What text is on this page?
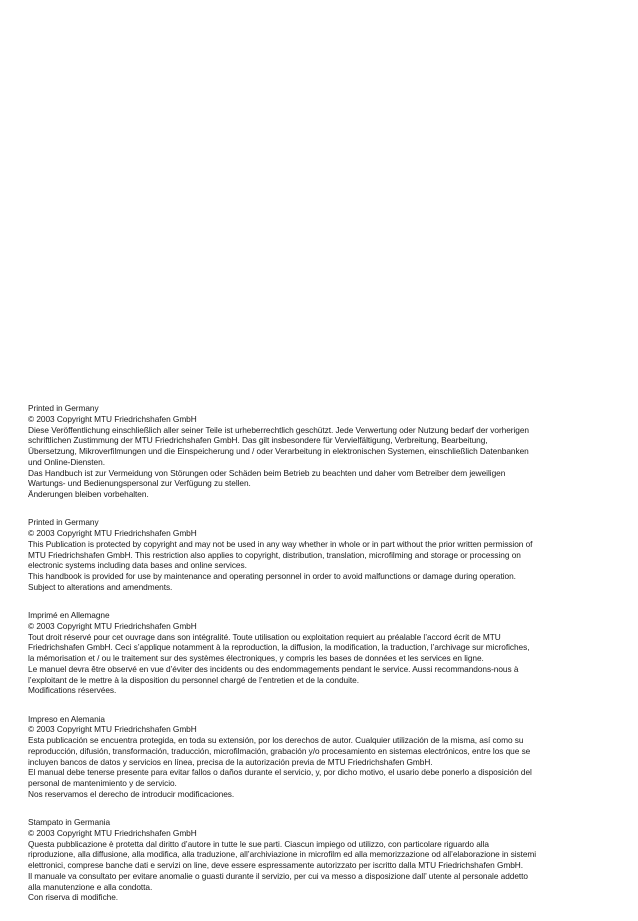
Printed in Germany
© 2003 Copyright MTU Friedrichshafen GmbH
Diese Veröffentlichung einschließlich aller seiner Teile ist urheberrechtlich geschützt. Jede Verwertung oder Nutzung bedarf der vorherigen
schriftlichen Zustimmung der MTU Friedrichshafen GmbH. Das gilt insbesondere für Vervielfältigung, Verbreitung, Bearbeitung,
Übersetzung, Mikroverfilmungen und die Einspeicherung und / oder Verarbeitung in elektronischen Systemen, einschließlich Datenbanken
und Online-Diensten.
Das Handbuch ist zur Vermeidung von Störungen oder Schäden beim Betrieb zu beachten und daher vom Betreiber dem jeweiligen
Wartungs- und Bedienungspersonal zur Verfügung zu stellen.
Änderungen bleiben vorbehalten.
Printed in Germany
© 2003 Copyright MTU Friedrichshafen GmbH
This Publication is protected by copyright and may not be used in any way whether in whole or in part without the prior written permission of
MTU Friedrichshafen GmbH. This restriction also applies to copyright, distribution, translation, microfilming and storage or processing on
electronic systems including data bases and online services.
This handbook is provided for use by maintenance and operating personnel in order to avoid malfunctions or damage during operation.
Subject to alterations and amendments.
Imprimé en Allemagne
© 2003 Copyright MTU Friedrichshafen GmbH
Tout droit réservé pour cet ouvrage dans son intégralité. Toute utilisation ou exploitation requiert au préalable l’accord écrit de MTU
Friedrichshafen GmbH. Ceci s’applique notamment à la reproduction, la diffusion, la modification, la traduction, l’archivage sur microfiches,
la mémorisation et / ou le traitement sur des systèmes électroniques, y compris les bases de données et les services en ligne.
Le manuel devra être observé en vue d’éviter des incidents ou des endommagements pendant le service. Aussi recommandons-nous à
l’exploitant de le mettre à la disposition du personnel chargé de l’entretien et de la conduite.
Modifications réservées.
Impreso en Alemania
© 2003 Copyright MTU Friedrichshafen GmbH
Esta publicación se encuentra protegida, en toda su extensión, por los derechos de autor. Cualquier utilización de la misma, así como su
reproducción, difusión, transformación, traducción, microfilmación, grabación y/o procesamiento en sistemas electrónicos, entre los que se
incluyen bancos de datos y servicios en línea, precisa de la autorización previa de MTU Friedrichshafen GmbH.
El manual debe tenerse presente para evitar fallos o daños durante el servicio, y, por dicho motivo, el usario debe ponerlo a disposición del
personal de mantenimiento y de servicio.
Nos reservamos el derecho de introducir modificaciones.
Stampato in Germania
© 2003 Copyright MTU Friedrichshafen GmbH
Questa pubblicazione è protetta dal diritto d’autore in tutte le sue parti. Ciascun impiego od utilizzo, con particolare riguardo alla
riproduzione, alla diffusione, alla modifica, alla traduzione, all’archiviazione in microfilm ed alla memorizzazione od all’elaborazione in sistemi
elettronici, comprese banche dati e servizi on line, deve essere espressamente autorizzato per iscritto dalla MTU Friedrichshafen GmbH.
Il manuale va consultato per evitare anomalie o guasti durante il servizio, per cui va messo a disposizione dall’ utente al personale addetto
alla manutenzione e alla condotta.
Con riserva di modifiche.
